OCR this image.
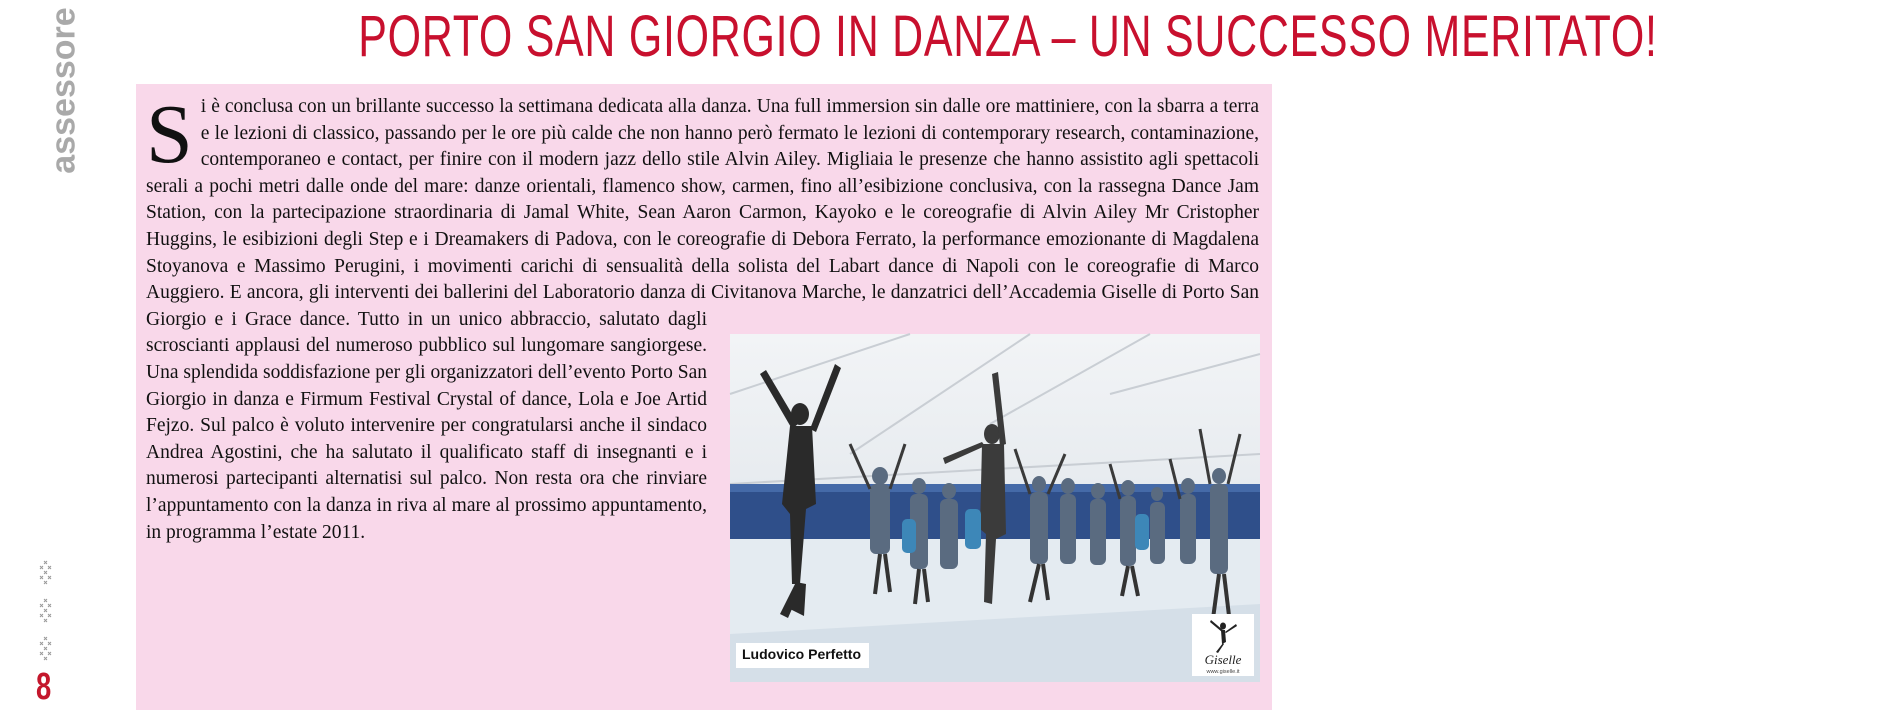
assessore
8
PORTO SAN GIORGIO IN DANZA – UN SUCCESSO MERITATO!
S i è conclusa con un brillante successo la settimana dedicata alla danza. Una full immersion sin dalle ore mattiniere, con la sbarra a terra e le lezioni di classico, passando per le ore più calde che non hanno però fermato le lezioni di contemporary research, contaminazione, contemporaneo e contact, per finire con il modern jazz dello stile Alvin Ailey. Migliaia le presenze che hanno assistito agli spettacoli serali a pochi metri dalle onde del mare: danze orientali, flamenco show, carmen, fino all’esibizione conclusiva, con la rassegna Dance Jam Station, con la partecipazione straordinaria di Jamal White, Sean Aaron Carmon, Kayoko e le coreografie di Alvin Ailey Mr Cristopher Huggins, le esibizioni degli Step e i Dreamakers di Padova, con le coreografie di Debora Ferrato, la performance emozionante di Magdalena Stoyanova e Massimo Perugini, i movimenti carichi di sensualità della solista del Labart dance di Napoli con le coreografie di Marco Auggiero. E ancora, gli interventi dei ballerini del Laboratorio danza di Civitanova Marche, le danzatrici dell’Accademia Giselle di Porto San Giorgio e i Grace dance. Tutto in un unico abbraccio, salutato dagli scroscianti applausi del numeroso pubblico sul lungomare sangiorgese. Una splendida soddisfazione per gli organizzatori dell’evento Porto San Giorgio in danza e Firmum Festival Crystal of dance, Lola e Joe Artid Fejzo. Sul palco è voluto intervenire per congratularsi anche il sindaco Andrea Agostini, che ha salutato il qualificato staff di insegnanti e i numerosi partecipanti alternatisi sul palco. Non resta ora che rinviare l’appuntamento con la danza in riva al mare al prossimo appuntamento, in programma l’estate 2011.
Ludovico Perfetto	Giselle
www.giselle.it
